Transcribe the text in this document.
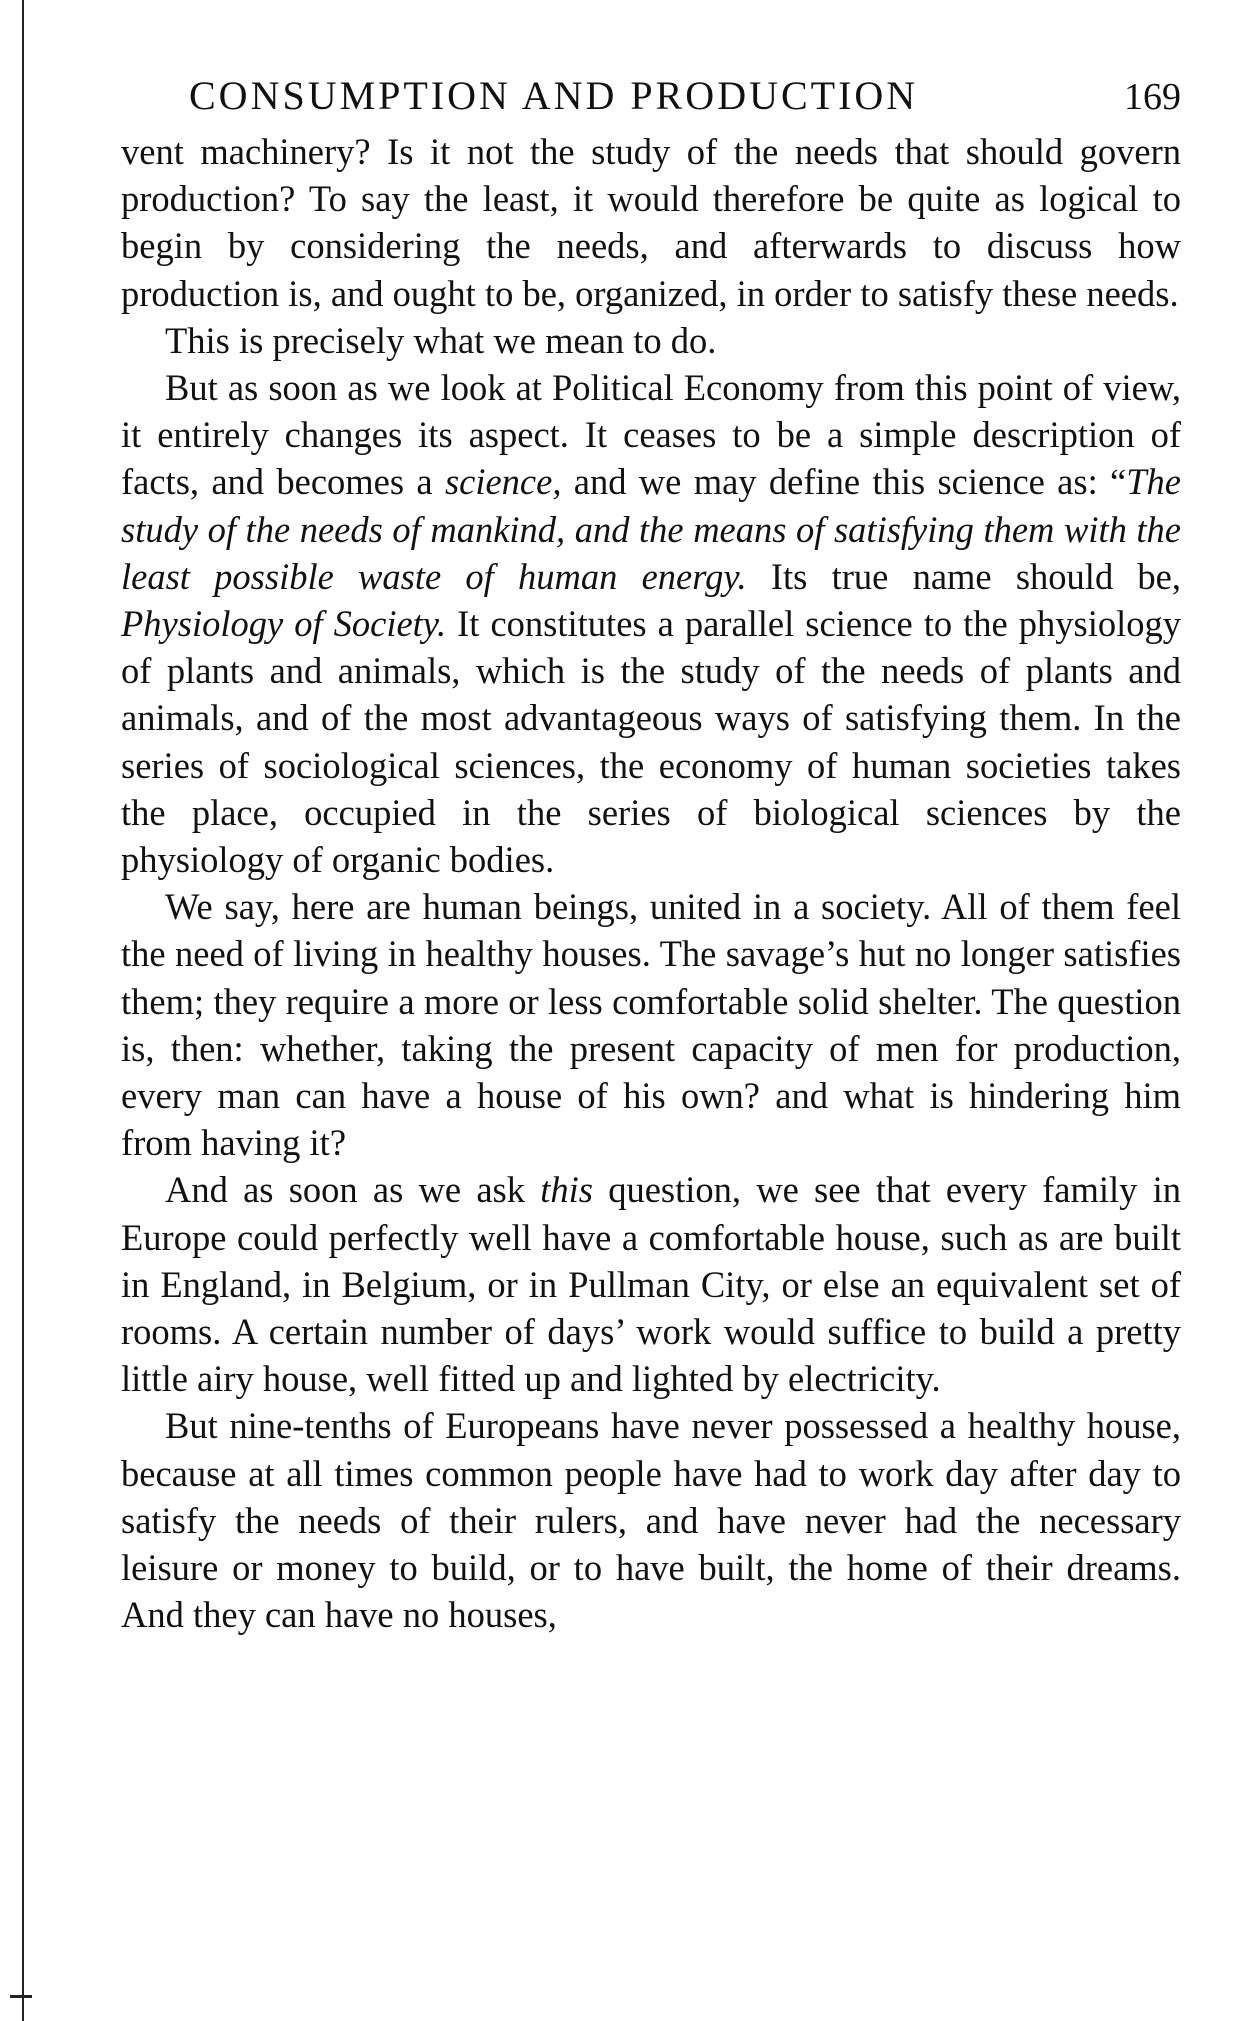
CONSUMPTION AND PRODUCTION	169

vent machinery? Is it not the study of the needs that should govern production? To say the least, it would therefore be quite as logical to begin by considering the needs, and afterwards to discuss how production is, and ought to be, organized, in order to satisfy these needs.

This is precisely what we mean to do.

But as soon as we look at Political Economy from this point of view, it entirely changes its aspect. It ceases to be a simple description of facts, and becomes a science, and we may define this science as: “The study of the needs of mankind, and the means of satisfying them with the least possible waste of human energy. Its true name should be, Physiology of Society. It constitutes a parallel science to the physiology of plants and animals, which is the study of the needs of plants and animals, and of the most advantageous ways of satisfying them. In the series of sociological sciences, the economy of human societies takes the place, occupied in the series of biological sciences by the physiology of organic bodies.

We say, here are human beings, united in a society. All of them feel the need of living in healthy houses. The savage’s hut no longer satisfies them; they require a more or less comfortable solid shelter. The question is, then: whether, taking the present capacity of men for production, every man can have a house of his own? and what is hindering him from having it?

And as soon as we ask this question, we see that every family in Europe could perfectly well have a comfortable house, such as are built in England, in Belgium, or in Pullman City, or else an equivalent set of rooms. A certain number of days’ work would suffice to build a pretty little airy house, well fitted up and lighted by electricity.

But nine-tenths of Europeans have never possessed a healthy house, because at all times common people have had to work day after day to satisfy the needs of their rulers, and have never had the necessary leisure or money to build, or to have built, the home of their dreams. And they can have no houses,
